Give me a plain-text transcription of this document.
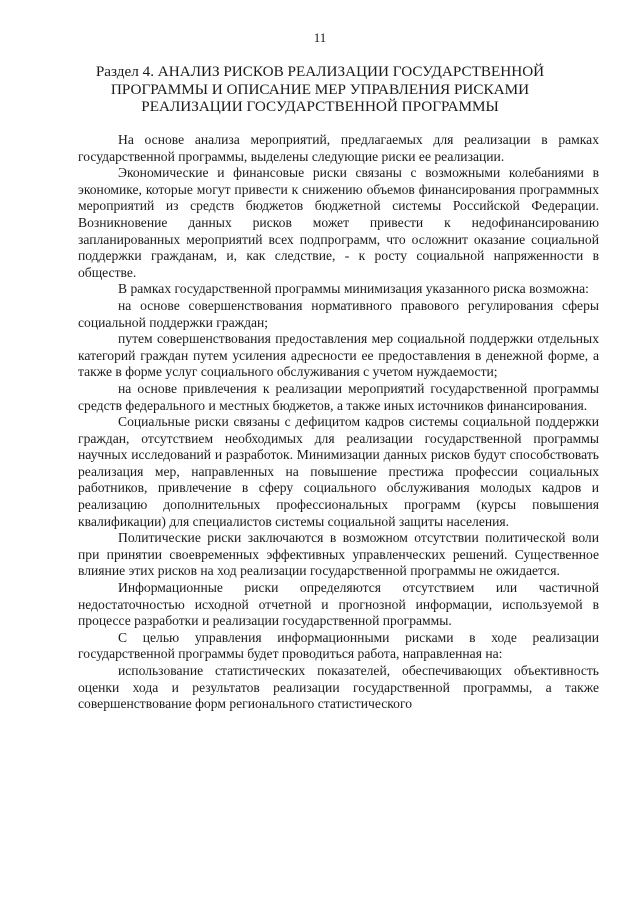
11
Раздел 4. АНАЛИЗ РИСКОВ РЕАЛИЗАЦИИ ГОСУДАРСТВЕННОЙ
ПРОГРАММЫ И ОПИСАНИЕ МЕР УПРАВЛЕНИЯ РИСКАМИ
РЕАЛИЗАЦИИ ГОСУДАРСТВЕННОЙ ПРОГРАММЫ

На основе анализа мероприятий, предлагаемых для реализации в рамках государственной программы, выделены следующие риски ее реализации.

Экономические и финансовые риски связаны с возможными колебаниями в экономике, которые могут привести к снижению объемов финансирования программных мероприятий из средств бюджетов бюджетной системы Российской Федерации. Возникновение данных рисков может привести к недофинансированию запланированных мероприятий всех подпрограмм, что осложнит оказание социальной поддержки гражданам, и, как следствие, - к росту социальной напряженности в обществе.

В рамках государственной программы минимизация указанного риска возможна:

на основе совершенствования нормативного правового регулирования сферы социальной поддержки граждан;

путем совершенствования предоставления мер социальной поддержки отдельных категорий граждан путем усиления адресности ее предоставления в денежной форме, а также в форме услуг социального обслуживания с учетом нуждаемости;

на основе привлечения к реализации мероприятий государственной программы средств федерального и местных бюджетов, а также иных источников финансирования.

Социальные риски связаны с дефицитом кадров системы социальной поддержки граждан, отсутствием необходимых для реализации государственной программы научных исследований и разработок. Минимизации данных рисков будут способствовать реализация мер, направленных на повышение престижа профессии социальных работников, привлечение в сферу социального обслуживания молодых кадров и реализацию дополнительных профессиональных программ (курсы повышения квалификации) для специалистов системы социальной защиты населения.

Политические риски заключаются в возможном отсутствии политической воли при принятии своевременных эффективных управленческих решений. Существенное влияние этих рисков на ход реализации государственной программы не ожидается.

Информационные риски определяются отсутствием или частичной недостаточностью исходной отчетной и прогнозной информации, используемой в процессе разработки и реализации государственной программы.

С целью управления информационными рисками в ходе реализации государственной программы будет проводиться работа, направленная на:

использование статистических показателей, обеспечивающих объективность оценки хода и результатов реализации государственной программы, а также совершенствование форм регионального статистического
